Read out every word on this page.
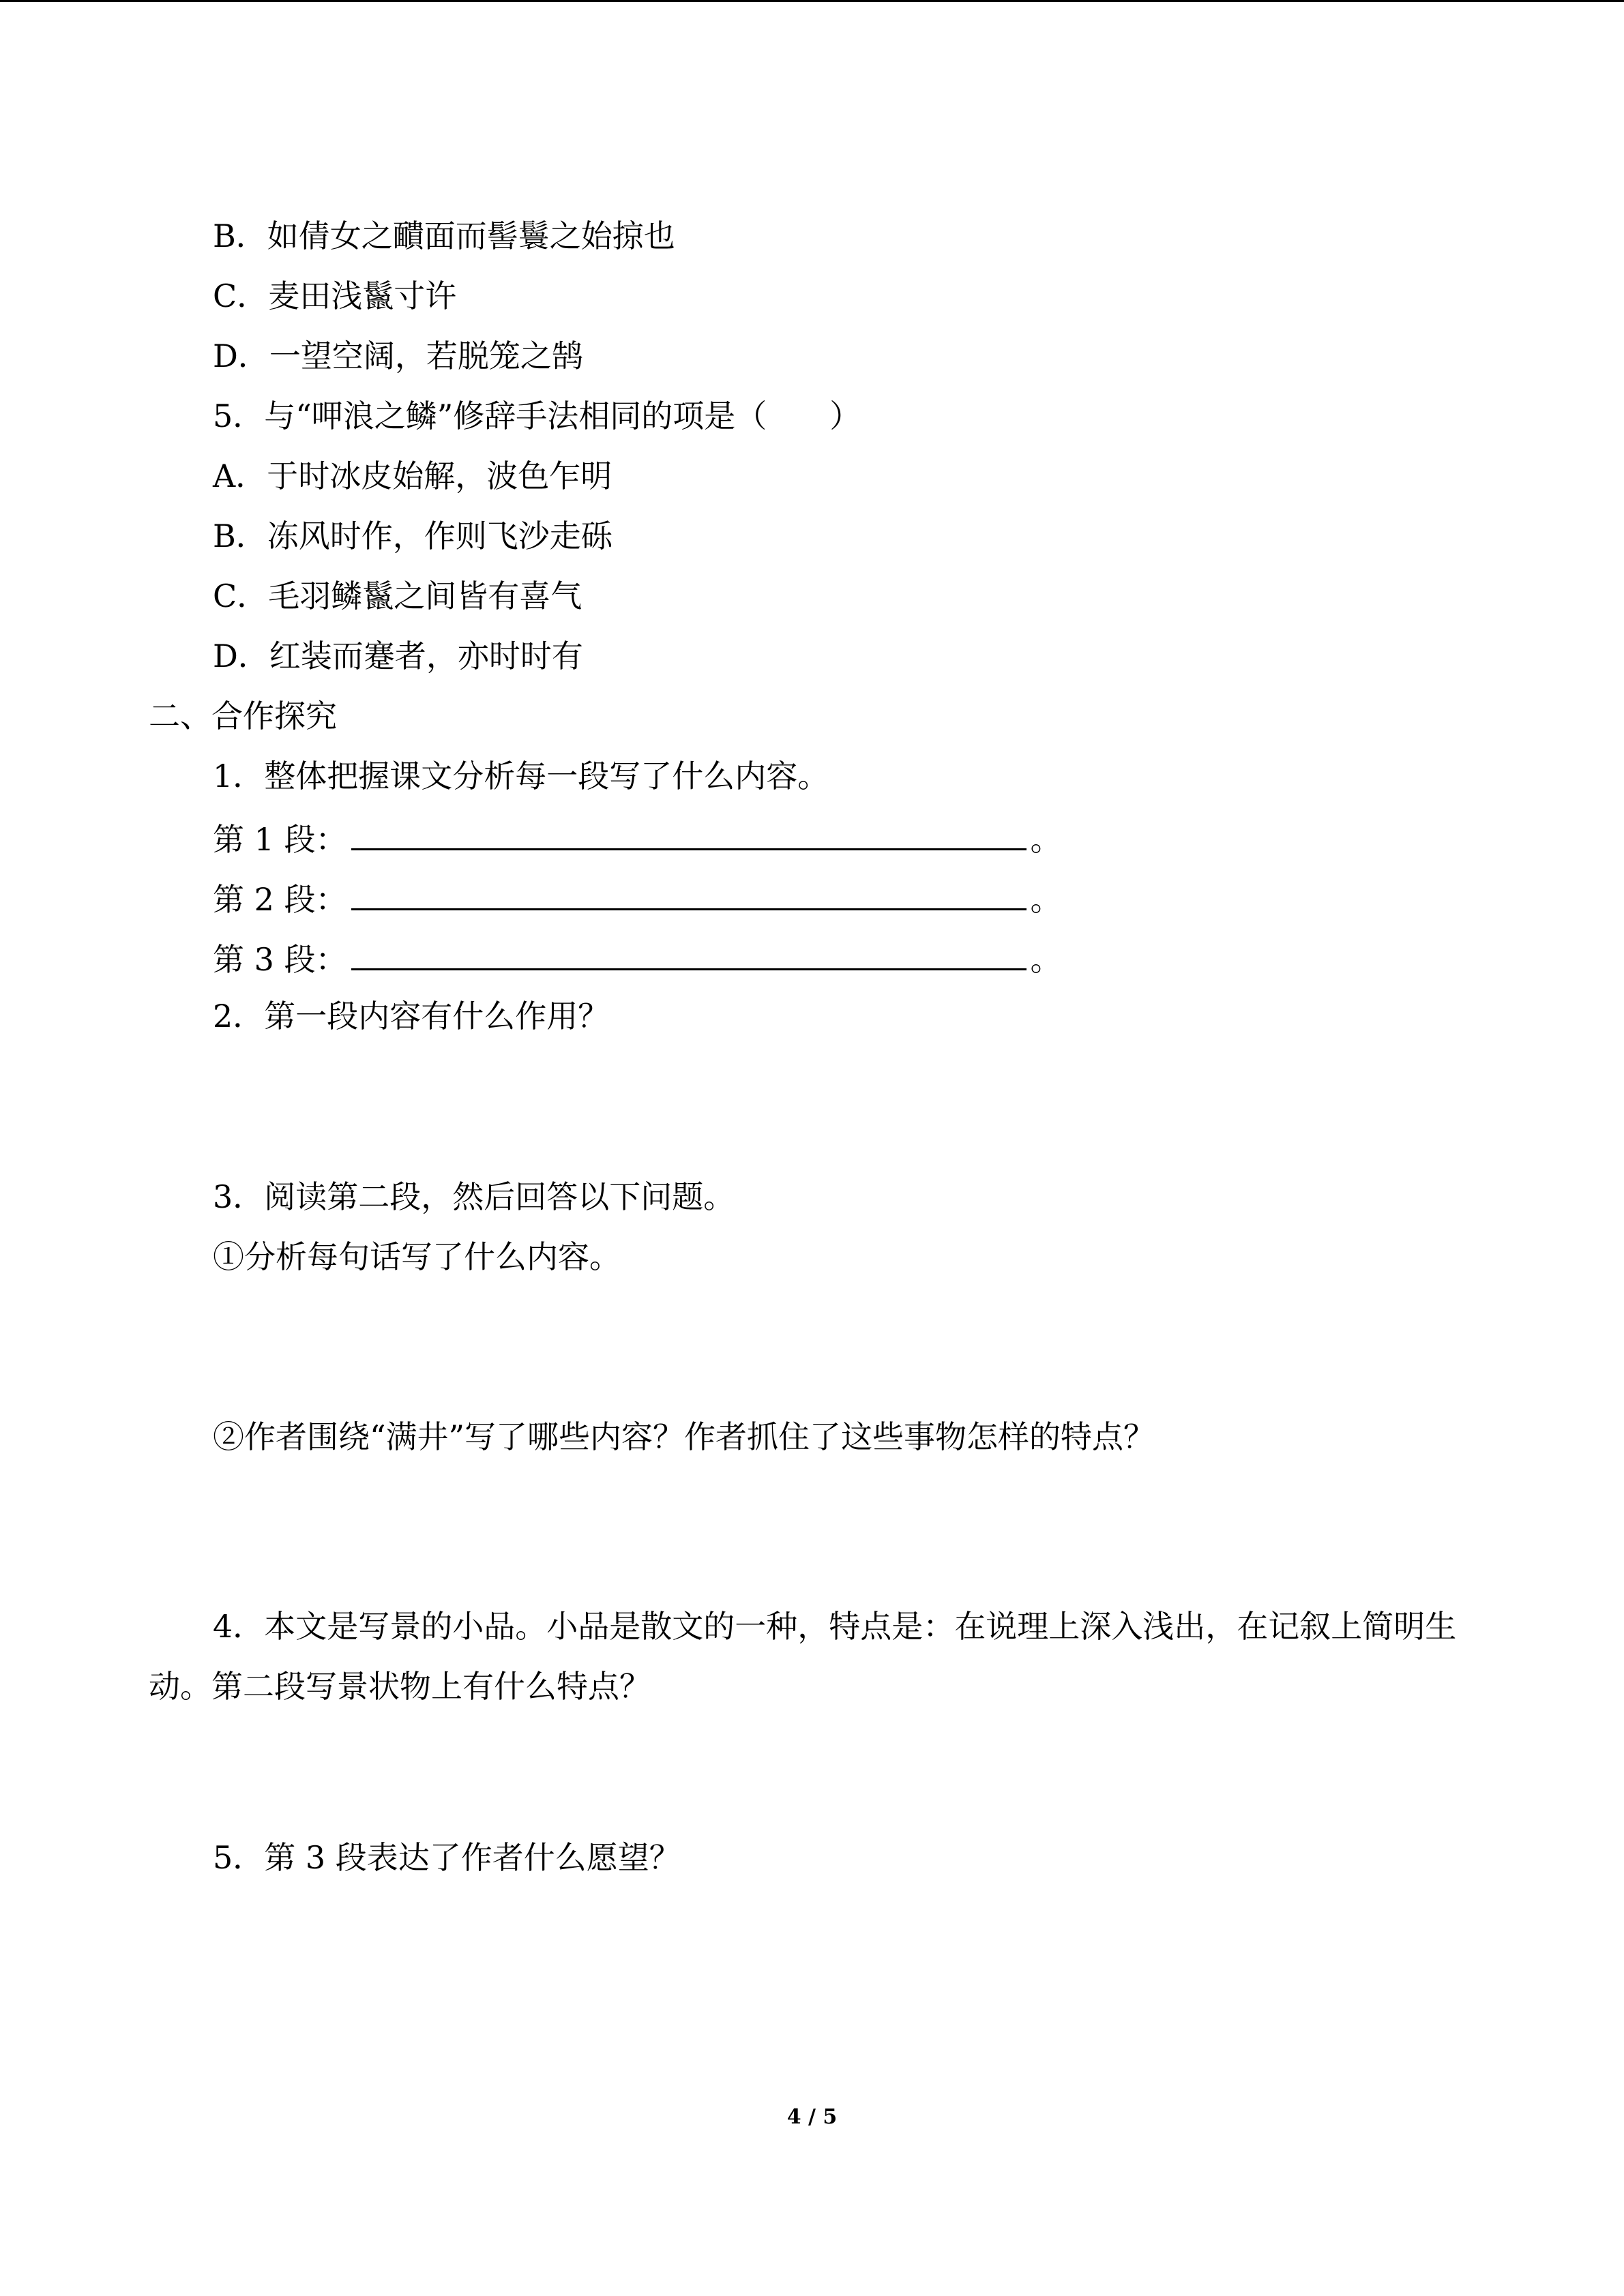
B．如倩女之靧面而髻鬟之始掠也
C．麦田浅鬣寸许
D．一望空阔，若脱笼之鹄
5．与“呷浪之鳞”修辞手法相同的项是（　　）
A．于时冰皮始解，波色乍明
B．冻风时作，作则飞沙走砾
C．毛羽鳞鬣之间皆有喜气
D．红装而蹇者，亦时时有
二、合作探究
1．整体把握课文分析每一段写了什么内容。
第 1 段：	。
第 2 段：	。
第 3 段：	。
2．第一段内容有什么作用？
3．阅读第二段，然后回答以下问题。
①分析每句话写了什么内容。
②作者围绕“满井”写了哪些内容？作者抓住了这些事物怎样的特点？
4．本文是写景的小品。小品是散文的一种，特点是：在说理上深入浅出，在记叙上简明生动。第二段写景状物上有什么特点？
5．第 3 段表达了作者什么愿望？
4 / 5
